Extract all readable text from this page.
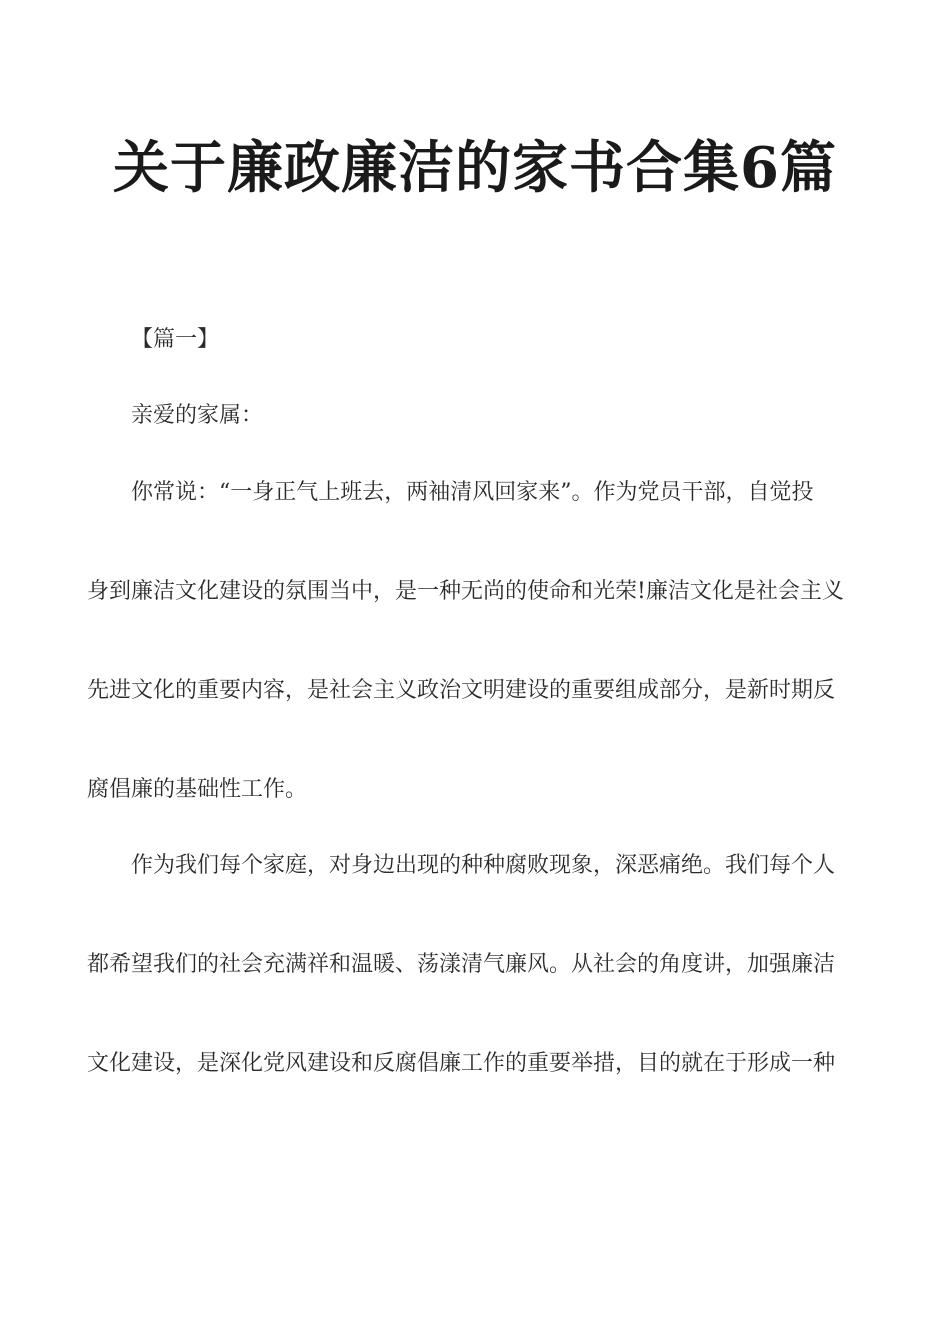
关于廉政廉洁的家书合集6篇
【篇一】
亲爱的家属：
你常说：“一身正气上班去，两袖清风回家来”。作为党员干部，自觉投
身到廉洁文化建设的氛围当中，是一种无尚的使命和光荣!廉洁文化是社会主义
先进文化的重要内容，是社会主义政治文明建设的重要组成部分，是新时期反
腐倡廉的基础性工作。
作为我们每个家庭，对身边出现的种种腐败现象，深恶痛绝。我们每个人
都希望我们的社会充满祥和温暖、荡漾清气廉风。从社会的角度讲，加强廉洁
文化建设，是深化党风建设和反腐倡廉工作的重要举措，目的就在于形成一种
